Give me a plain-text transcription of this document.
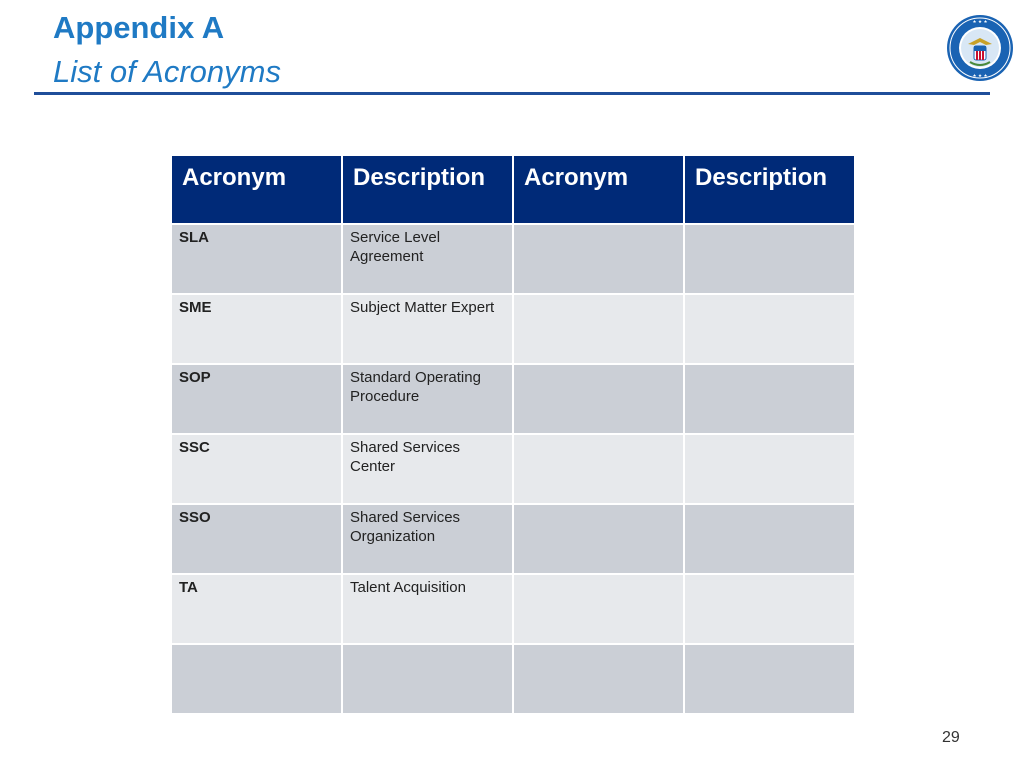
Appendix A
List of Acronyms
★ ★ ★
★ ★ ★
Acronym	Description	Acronym	Description
SLA	Service Level Agreement		
SME	Subject Matter Expert		
SOP	Standard Operating Procedure		
SSC	Shared Services Center		
SSO	Shared Services Organization		
TA	Talent Acquisition		

29
